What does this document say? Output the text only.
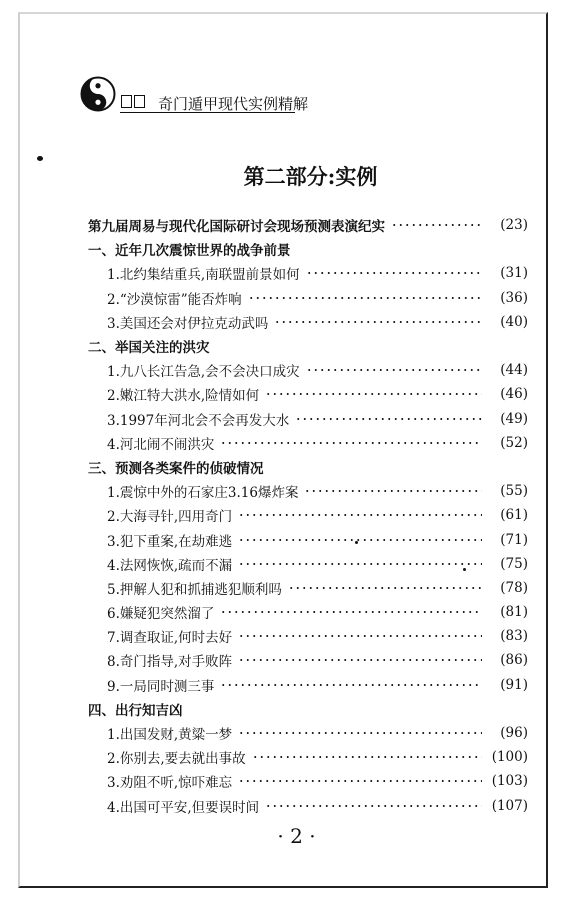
奇门遁甲现代实例精解
第二部分:实例
第九届周易与现代化国际研讨会现场预测表演纪实	(23)
一、近年几次震惊世界的战争前景
1.北约集结重兵,南联盟前景如何	(31)
2.“沙漠惊雷”能否炸响	(36)
3.美国还会对伊拉克动武吗	(40)
二、举国关注的洪灾
1.九八长江告急,会不会决口成灾	(44)
2.嫩江特大洪水,险情如何	(46)
3.1997年河北会不会再发大水	(49)
4.河北闹不闹洪灾	(52)
三、预测各类案件的侦破情况
1.震惊中外的石家庄3.16爆炸案	(55)
2.大海寻针,四用奇门	(61)
3.犯下重案,在劫难逃	(71)
4.法网恢恢,疏而不漏	(75)
5.押解人犯和抓捕逃犯顺利吗	(78)
6.嫌疑犯突然溜了	(81)
7.调查取证,何时去好	(83)
8.奇门指导,对手败阵	(86)
9.一局同时测三事	(91)
四、出行知吉凶
1.出国发财,黄粱一梦	(96)
2.你别去,要去就出事故	(100)
3.劝阻不听,惊吓难忘	(103)
4.出国可平安,但要误时间	(107)
· 2 ·
